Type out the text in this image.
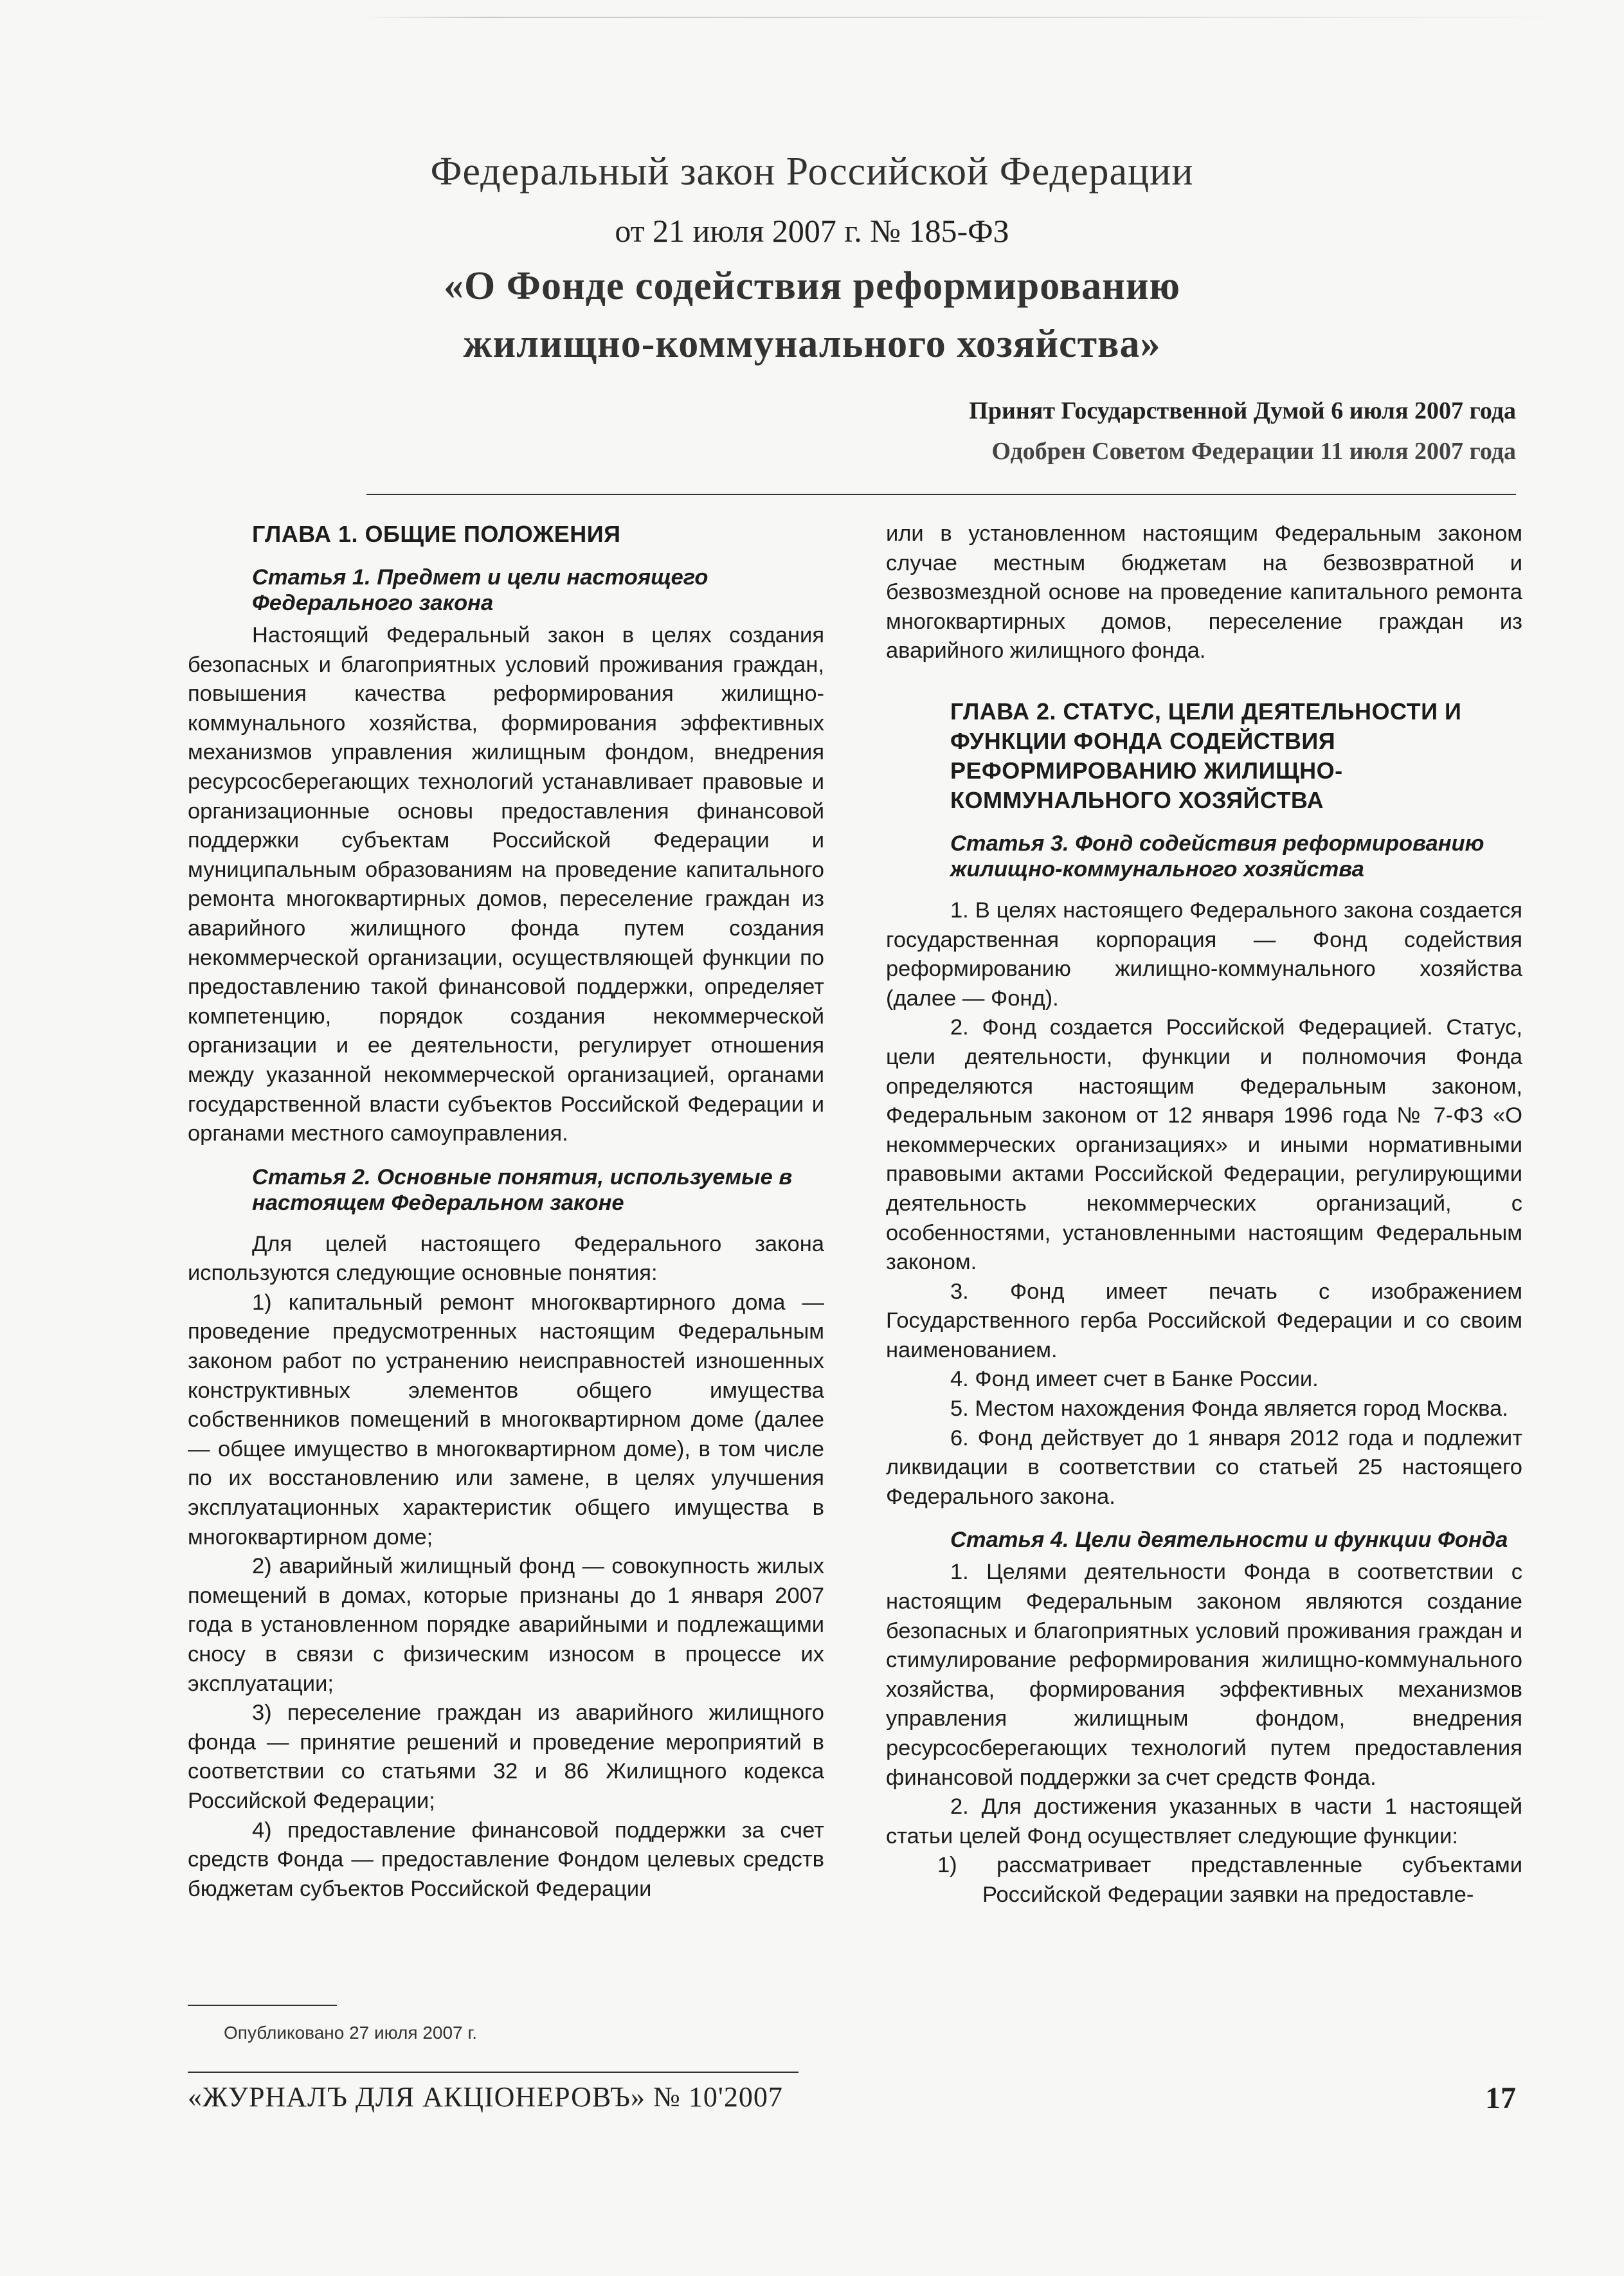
Федеральный закон Российской Федерации
от 21 июля 2007 г. № 185-ФЗ
«О Фонде содействия реформированию
жилищно-коммунального хозяйства»
Принят Государственной Думой 6 июля 2007 года
Одобрен Советом Федерации 11 июля 2007 года
ГЛАВА 1. ОБЩИЕ ПОЛОЖЕНИЯ
Статья 1. Предмет и цели настоящего Федерального закона

Настоящий Федеральный закон в целях создания безопасных и благоприятных условий проживания граждан, повышения качества реформирования жилищно-коммунального хозяйства, формирования эффективных механизмов управления жилищным фондом, внедрения ресурсосберегающих технологий устанавливает правовые и организационные основы предоставления финансовой поддержки субъектам Российской Федерации и муниципальным образованиям на проведение капитального ремонта многоквартирных домов, переселение граждан из аварийного жилищного фонда путем создания некоммерческой организации, осуществляющей функции по предоставлению такой финансовой поддержки, определяет компетенцию, порядок создания некоммерческой организации и ее деятельности, регулирует отношения между указанной некоммерческой организацией, органами государственной власти субъектов Российской Федерации и органами местного самоуправления.

Статья 2. Основные понятия, используемые в настоящем Федеральном законе

Для целей настоящего Федерального закона используются следующие основные понятия:

1) капитальный ремонт многоквартирного дома — проведение предусмотренных настоящим Федеральным законом работ по устранению неисправностей изношенных конструктивных элементов общего имущества собственников помещений в многоквартирном доме (далее — общее имущество в многоквартирном доме), в том числе по их восстановлению или замене, в целях улучшения эксплуатационных характеристик общего имущества в многоквартирном доме;

2) аварийный жилищный фонд — совокупность жилых помещений в домах, которые признаны до 1 января 2007 года в установленном порядке аварийными и подлежащими сносу в связи с физическим износом в процессе их эксплуатации;

3) переселение граждан из аварийного жилищного фонда — принятие решений и проведение мероприятий в соответствии со статьями 32 и 86 Жилищного кодекса Российской Федерации;

4) предоставление финансовой поддержки за счет средств Фонда — предоставление Фондом целевых средств бюджетам субъектов Российской Федерации

или в установленном настоящим Федеральным законом случае местным бюджетам на безвозвратной и безвозмездной основе на проведение капитального ремонта многоквартирных домов, переселение граждан из аварийного жилищного фонда.

ГЛАВА 2. СТАТУС, ЦЕЛИ ДЕЯТЕЛЬНОСТИ И ФУНКЦИИ ФОНДА СОДЕЙСТВИЯ РЕФОРМИРОВАНИЮ ЖИЛИЩНО-КОММУНАЛЬНОГО ХОЗЯЙСТВА
Статья 3. Фонд содействия реформированию жилищно-коммунального хозяйства

1. В целях настоящего Федерального закона создается государственная корпорация — Фонд содействия реформированию жилищно-коммунального хозяйства (далее — Фонд).

2. Фонд создается Российской Федерацией. Статус, цели деятельности, функции и полномочия Фонда определяются настоящим Федеральным законом, Федеральным законом от 12 января 1996 года № 7-ФЗ «О некоммерческих организациях» и иными нормативными правовыми актами Российской Федерации, регулирующими деятельность некоммерческих организаций, с особенностями, установленными настоящим Федеральным законом.

3. Фонд имеет печать с изображением Государственного герба Российской Федерации и со своим наименованием.

4. Фонд имеет счет в Банке России.

5. Местом нахождения Фонда является город Москва.

6. Фонд действует до 1 января 2012 года и подлежит ликвидации в соответствии со статьей 25 настоящего Федерального закона.

Статья 4. Цели деятельности и функции Фонда

1. Целями деятельности Фонда в соответствии с настоящим Федеральным законом являются создание безопасных и благоприятных условий проживания граждан и стимулирование реформирования жилищно-коммунального хозяйства, формирования эффективных механизмов управления жилищным фондом, внедрения ресурсосберегающих технологий путем предоставления финансовой поддержки за счет средств Фонда.

2. Для достижения указанных в части 1 настоящей статьи целей Фонд осуществляет следующие функции:

1) рассматривает представленные субъектами Российской Федерации заявки на предоставле-

Опубликовано 27 июля 2007 г.
«ЖУРНАЛЪ ДЛЯ АКЦIОНЕРОВЪ» № 10'2007	17
